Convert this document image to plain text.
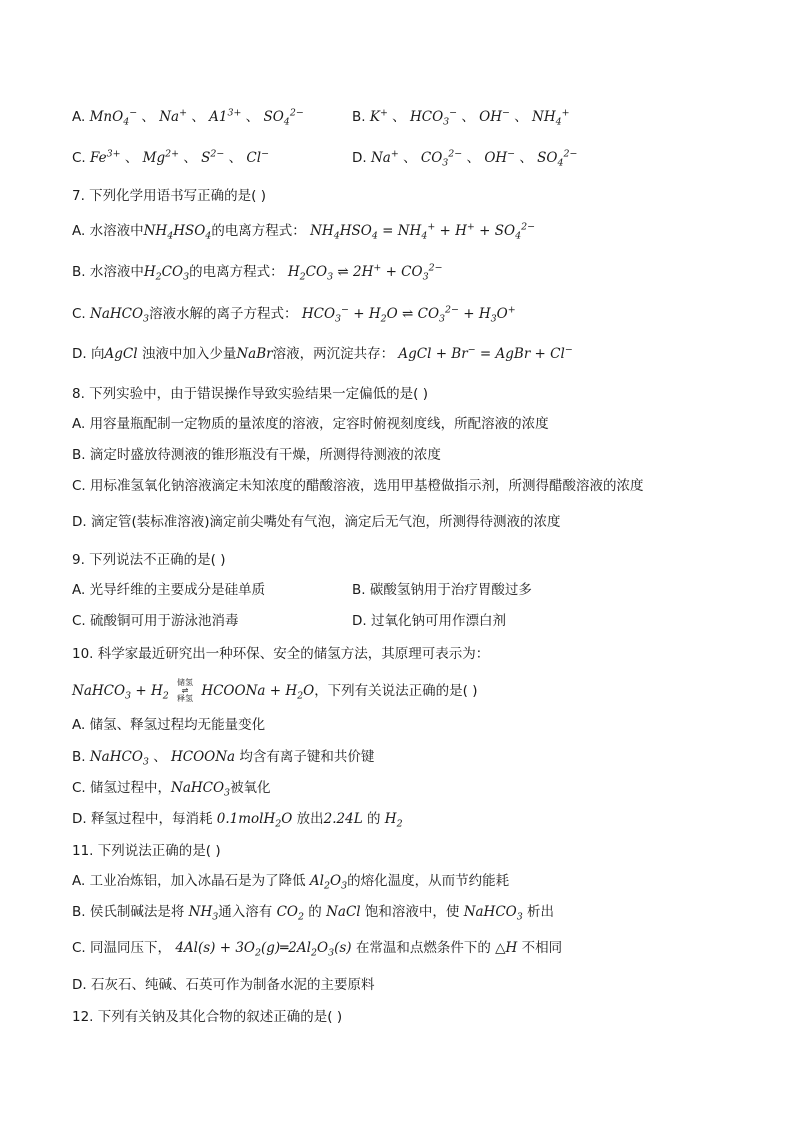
A. MnO$_4$− 、 Na+ 、 $A1^{3+}$ 、 $SO_4^{2-}$	B. K+ 、 $HCO_3^-$ 、 OH− 、 $NH_4^+$
C. $Fe^{3+}$ 、 $Mg^{2+}$ 、 $S^{2-}$ 、 Cl−	D. Na+ 、 $CO_3^{2-}$ 、 OH− 、 $SO_4^{2-}$
7. 下列化学用语书写正确的是( )
A. 水溶液中$NH_4HSO_4$的电离方程式： $NH_4HSO_4 = NH_4^+ + H^+ + SO_4^{2-}$
B. 水溶液中$H_2CO_3$的电离方程式： $H_2CO_3$ ⇌ $2H^+ + CO_3^{2-}$
C. NaHCO$_3$溶液水解的离子方程式： $HCO_3^- + H_2O$ ⇌ $CO_3^{2-} + H_3O^+$
D. 向AgCl 浊液中加入少量NaBr溶液，两沉淀共存： AgCl + Br− = AgBr + Cl−
8. 下列实验中，由于错误操作导致实验结果一定偏低的是( )
A. 用容量瓶配制一定物质的量浓度的溶液，定容时俯视刻度线，所配溶液的浓度
B. 滴定时盛放待测液的锥形瓶没有干燥，所测得待测液的浓度
C. 用标准氢氧化钠溶液滴定未知浓度的醋酸溶液，选用甲基橙做指示剂，所测得醋酸溶液的浓度
D. 滴定管(装标准溶液)滴定前尖嘴处有气泡，滴定后无气泡，所测得待测液的浓度
9. 下列说法不正确的是( )
A. 光导纤维的主要成分是硅单质	B. 碳酸氢钠用于治疗胃酸过多
C. 硫酸铜可用于游泳池消毒	D. 过氧化钠可用作漂白剂
10. 科学家最近研究出一种环保、安全的储氢方法，其原理可表示为：
NaHCO$_3$ + $H_2$
储氢
⇌
释氢 HCOONa + $H_2O$，下列有关说法正确的是( )
A. 储氢、释氢过程均无能量变化
B. NaHCO$_3$ 、 HCOONa 均含有离子键和共价键
C. 储氢过程中，NaHCO$_3$被氧化
D. 释氢过程中，每消耗 0.1molH$_2$O 放出2.24L 的 $H_2$
11. 下列说法正确的是( )
A. 工业冶炼铝，加入冰晶石是为了降低 $Al_2O_3$的熔化温度，从而节约能耗
B. 侯氏制碱法是将 $NH_3$通入溶有 $CO_2$ 的 NaCl 饱和溶液中，使 NaHCO$_3$ 析出
C. 同温同压下， $4Al(s) + 3O_2(g)═2Al_2O_3(s)$ 在常温和点燃条件下的 △H 不相同
D. 石灰石、纯碱、石英可作为制备水泥的主要原料
12. 下列有关钠及其化合物的叙述正确的是( )
